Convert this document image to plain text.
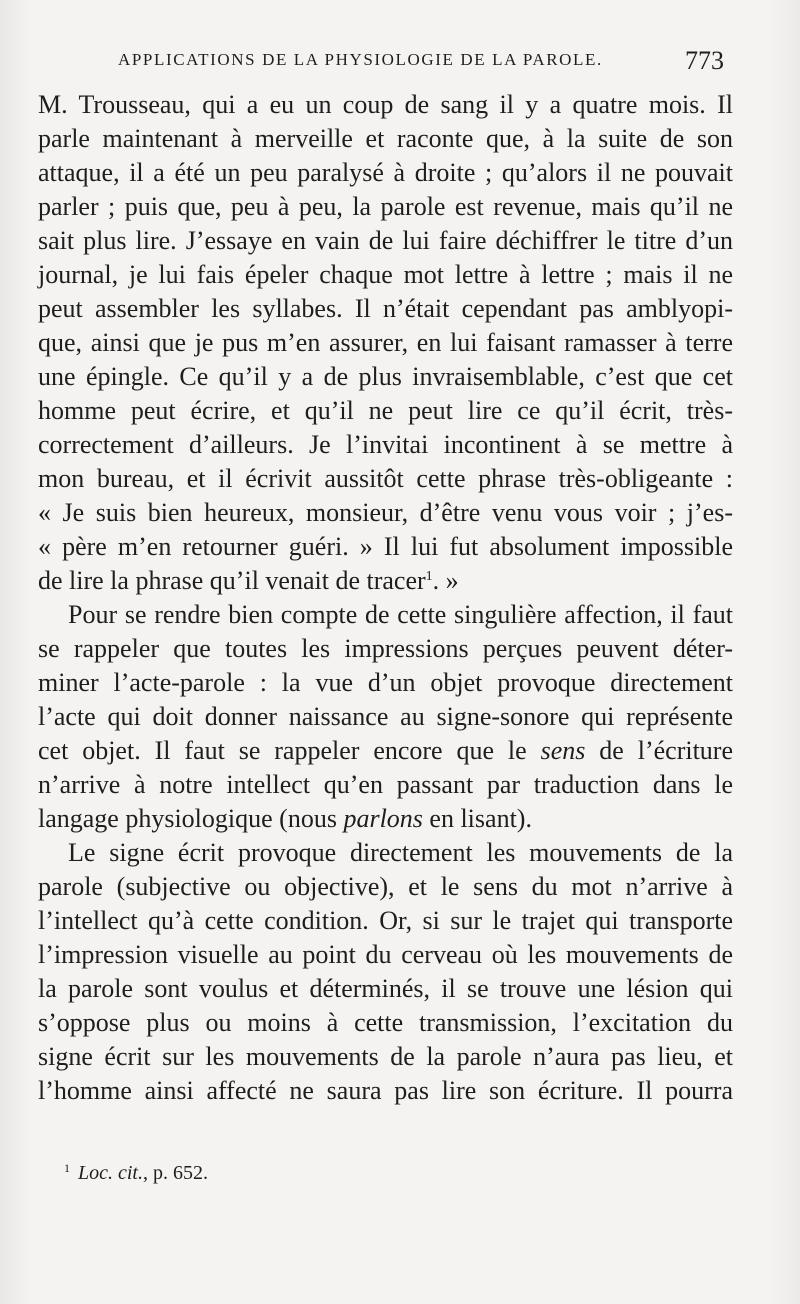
APPLICATIONS DE LA PHYSIOLOGIE DE LA PAROLE.	773
M. Trousseau, qui a eu un coup de sang il y a quatre mois. Il
parle maintenant à merveille et raconte que, à la suite de son
attaque, il a été un peu paralysé à droite ; qu’alors il ne pouvait
parler ; puis que, peu à peu, la parole est revenue, mais qu’il ne
sait plus lire. J’essaye en vain de lui faire déchiffrer le titre d’un
journal, je lui fais épeler chaque mot lettre à lettre ; mais il ne
peut assembler les syllabes. Il n’était cependant pas amblyopi-
que, ainsi que je pus m’en assurer, en lui faisant ramasser à terre
une épingle. Ce qu’il y a de plus invraisemblable, c’est que cet
homme peut écrire, et qu’il ne peut lire ce qu’il écrit, très-
correctement d’ailleurs. Je l’invitai incontinent à se mettre à
mon bureau, et il écrivit aussitôt cette phrase très-obligeante :
« Je suis bien heureux, monsieur, d’être venu vous voir ; j’es-
« père m’en retourner guéri. » Il lui fut absolument impossible
de lire la phrase qu’il venait de tracer$^1$. »
Pour se rendre bien compte de cette singulière affection, il faut
se rappeler que toutes les impressions perçues peuvent déter-
miner l’acte-parole : la vue d’un objet provoque directement
l’acte qui doit donner naissance au signe-sonore qui représente
cet objet. Il faut se rappeler encore que le sens de l’écriture
n’arrive à notre intellect qu’en passant par traduction dans le
langage physiologique (nous parlons en lisant).
Le signe écrit provoque directement les mouvements de la
parole (subjective ou objective), et le sens du mot n’arrive à
l’intellect qu’à cette condition. Or, si sur le trajet qui transporte
l’impression visuelle au point du cerveau où les mouvements de
la parole sont voulus et déterminés, il se trouve une lésion qui
s’oppose plus ou moins à cette transmission, l’excitation du
signe écrit sur les mouvements de la parole n’aura pas lieu, et
l’homme ainsi affecté ne saura pas lire son écriture. Il pourra
$^1$ Loc. cit., p. 652.
